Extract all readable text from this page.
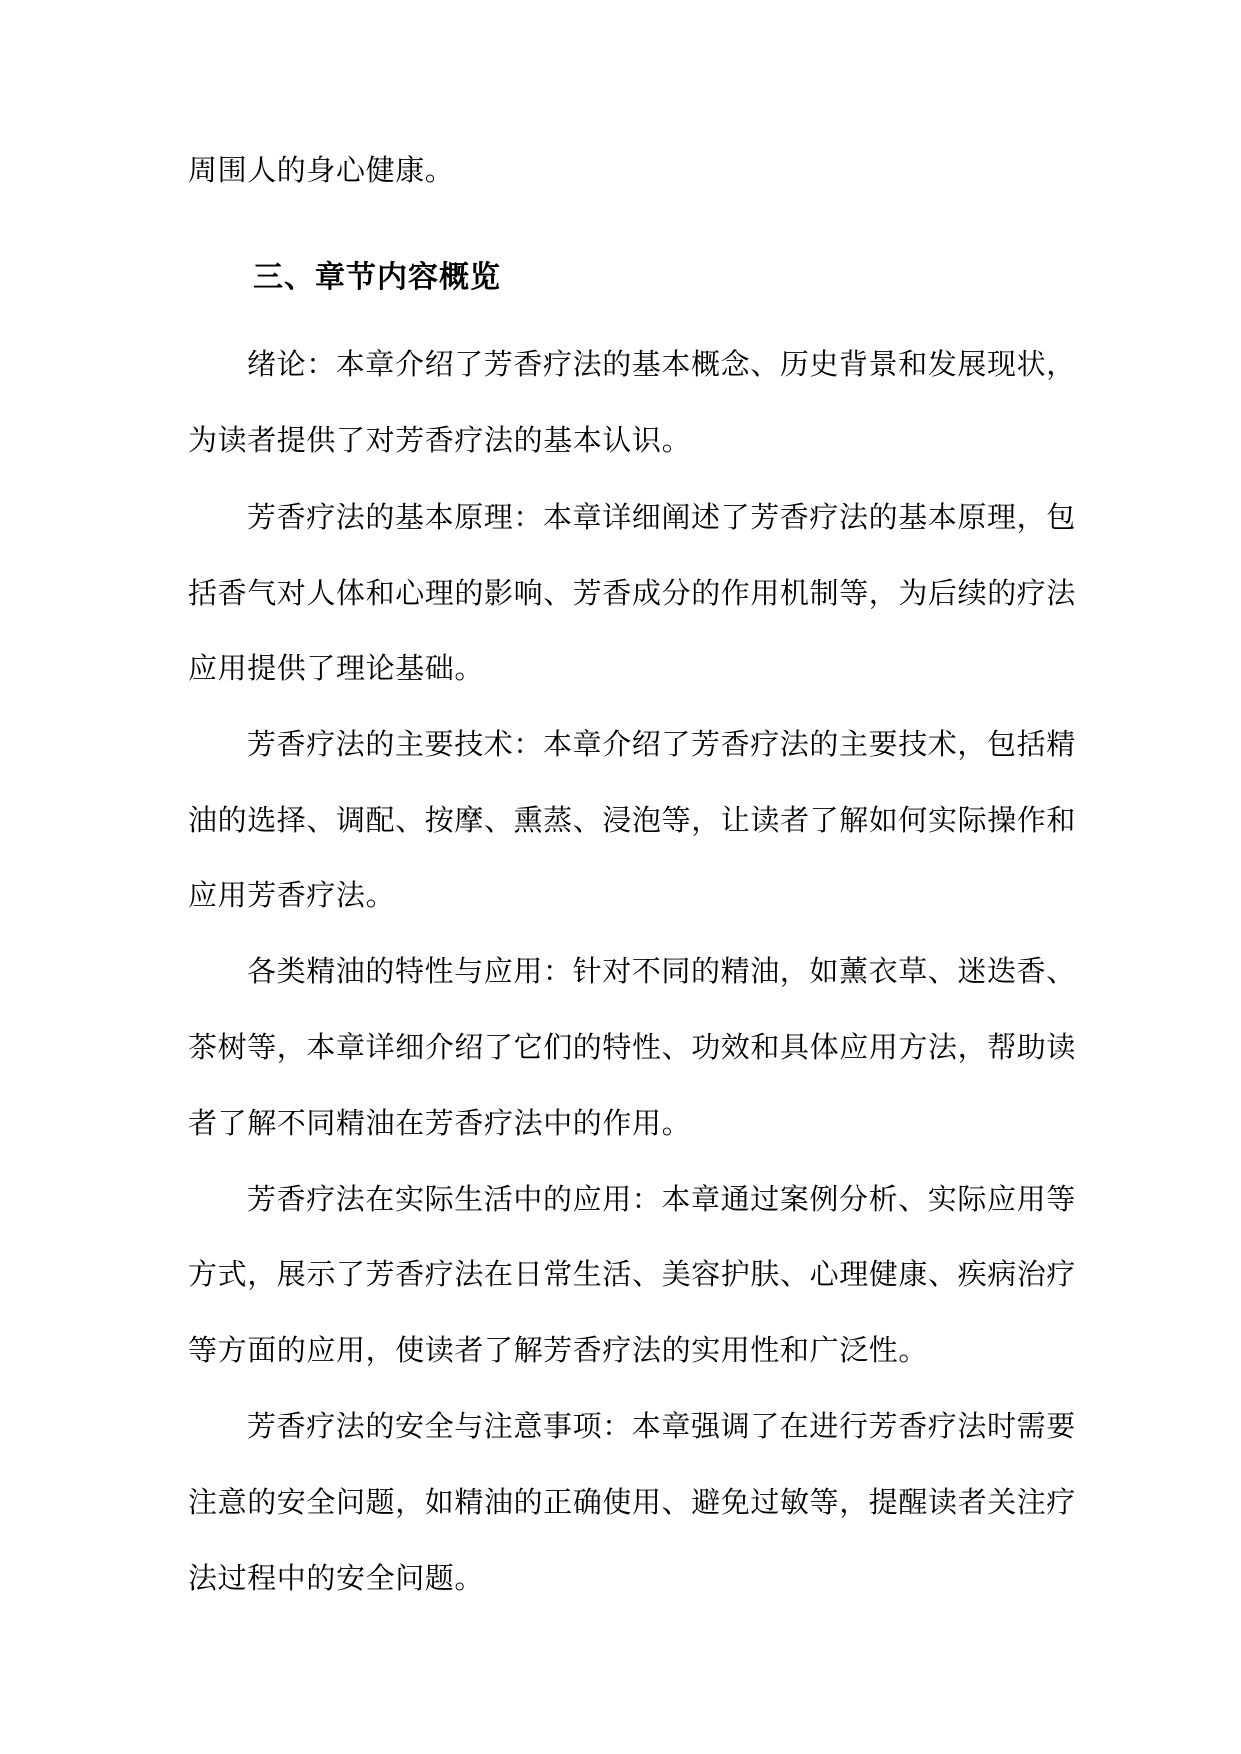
周围人的身心健康。
三、章节内容概览
绪论：本章介绍了芳香疗法的基本概念、历史背景和发展现状，
为读者提供了对芳香疗法的基本认识。
芳香疗法的基本原理：本章详细阐述了芳香疗法的基本原理，包
括香气对人体和心理的影响、芳香成分的作用机制等，为后续的疗法
应用提供了理论基础。
芳香疗法的主要技术：本章介绍了芳香疗法的主要技术，包括精
油的选择、调配、按摩、熏蒸、浸泡等，让读者了解如何实际操作和
应用芳香疗法。
各类精油的特性与应用：针对不同的精油，如薰衣草、迷迭香、
茶树等，本章详细介绍了它们的特性、功效和具体应用方法，帮助读
者了解不同精油在芳香疗法中的作用。
芳香疗法在实际生活中的应用：本章通过案例分析、实际应用等
方式，展示了芳香疗法在日常生活、美容护肤、心理健康、疾病治疗
等方面的应用，使读者了解芳香疗法的实用性和广泛性。
芳香疗法的安全与注意事项：本章强调了在进行芳香疗法时需要
注意的安全问题，如精油的正确使用、避免过敏等，提醒读者关注疗
法过程中的安全问题。
